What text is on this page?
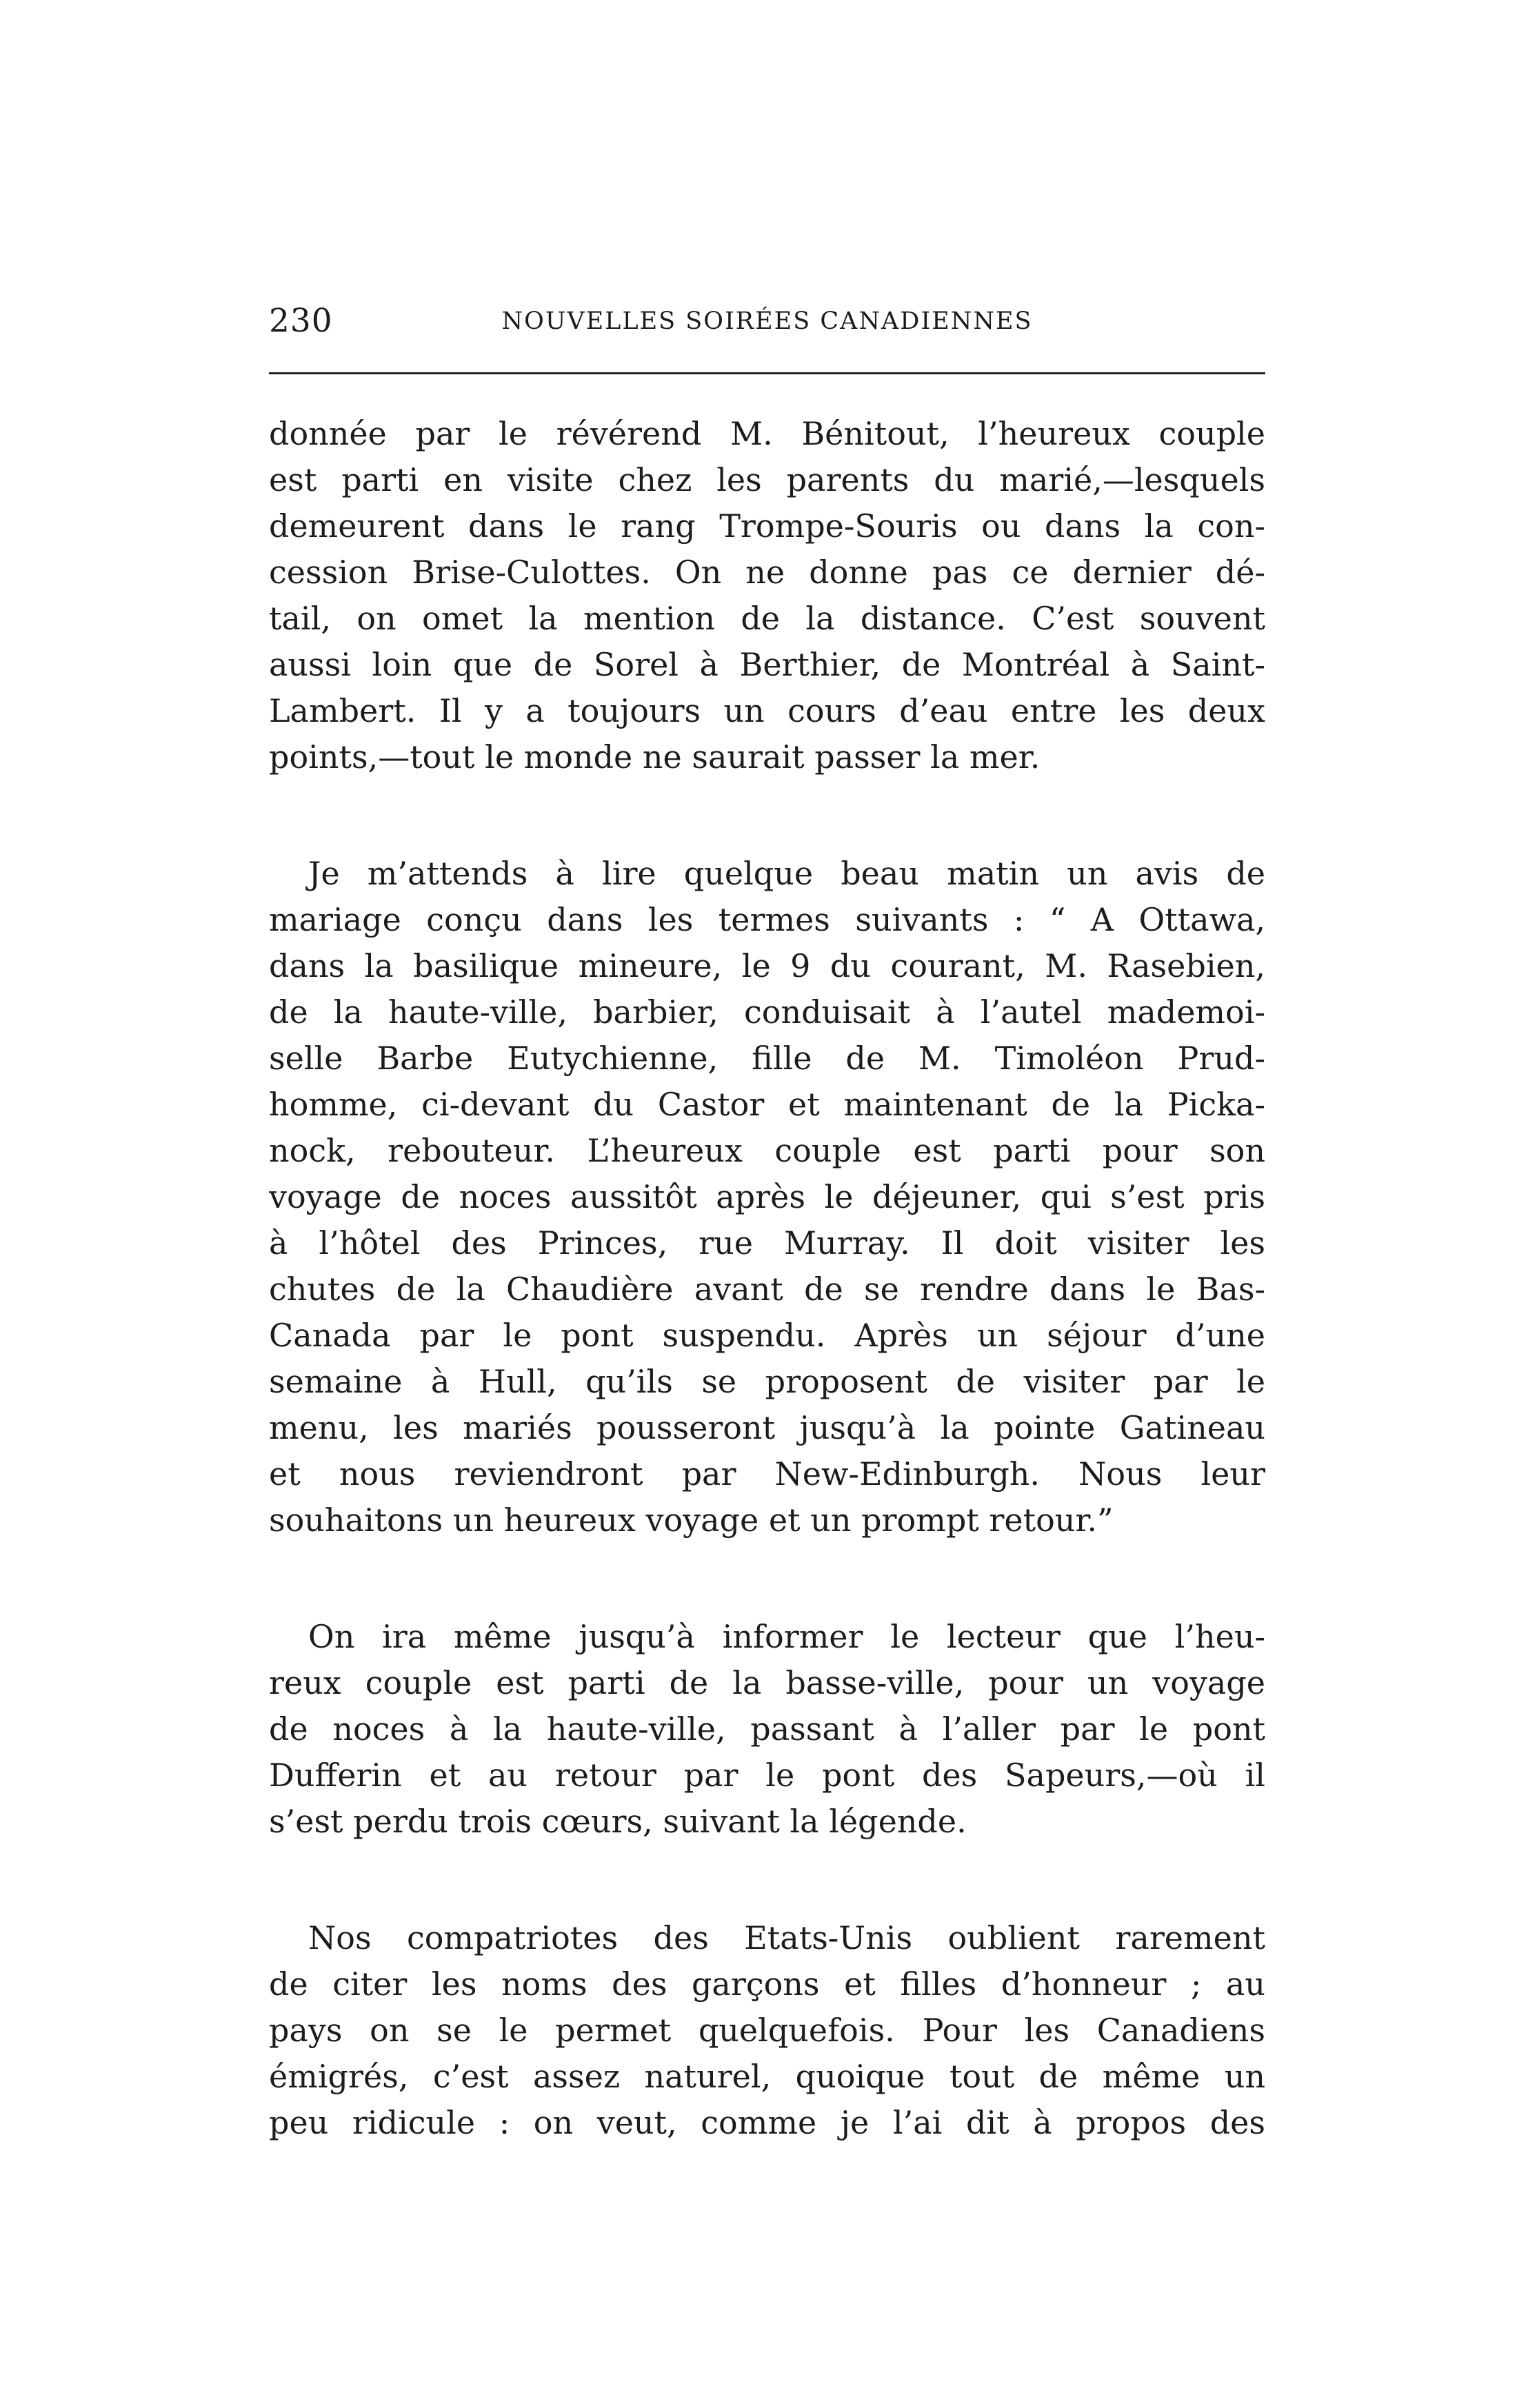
230	NOUVELLES SOIRÉES CANADIENNES
donnée par le révérend M. Bénitout, l’heureux couple
est parti en visite chez les parents du marié,—lesquels
demeurent dans le rang Trompe-Souris ou dans la con-
cession Brise-Culottes. On ne donne pas ce dernier dé-
tail, on omet la mention de la distance. C’est souvent
aussi loin que de Sorel à Berthier, de Montréal à Saint-
Lambert. Il y a toujours un cours d’eau entre les deux
points,—tout le monde ne saurait passer la mer.
Je m’attends à lire quelque beau matin un avis de
mariage conçu dans les termes suivants : “ A Ottawa,
dans la basilique mineure, le 9 du courant, M. Rasebien,
de la haute-ville, barbier, conduisait à l’autel mademoi-
selle Barbe Eutychienne, fille de M. Timoléon Prud-
homme, ci-devant du Castor et maintenant de la Picka-
nock, rebouteur. L’heureux couple est parti pour son
voyage de noces aussitôt après le déjeuner, qui s’est pris
à l’hôtel des Princes, rue Murray. Il doit visiter les
chutes de la Chaudière avant de se rendre dans le Bas-
Canada par le pont suspendu. Après un séjour d’une
semaine à Hull, qu’ils se proposent de visiter par le
menu, les mariés pousseront jusqu’à la pointe Gatineau
et nous reviendront par New-Edinburgh. Nous leur
souhaitons un heureux voyage et un prompt retour.”
On ira même jusqu’à informer le lecteur que l’heu-
reux couple est parti de la basse-ville, pour un voyage
de noces à la haute-ville, passant à l’aller par le pont
Dufferin et au retour par le pont des Sapeurs,—où il
s’est perdu trois cœurs, suivant la légende.
Nos compatriotes des Etats-Unis oublient rarement
de citer les noms des garçons et filles d’honneur ; au
pays on se le permet quelquefois. Pour les Canadiens
émigrés, c’est assez naturel, quoique tout de même un
peu ridicule : on veut, comme je l’ai dit à propos des
